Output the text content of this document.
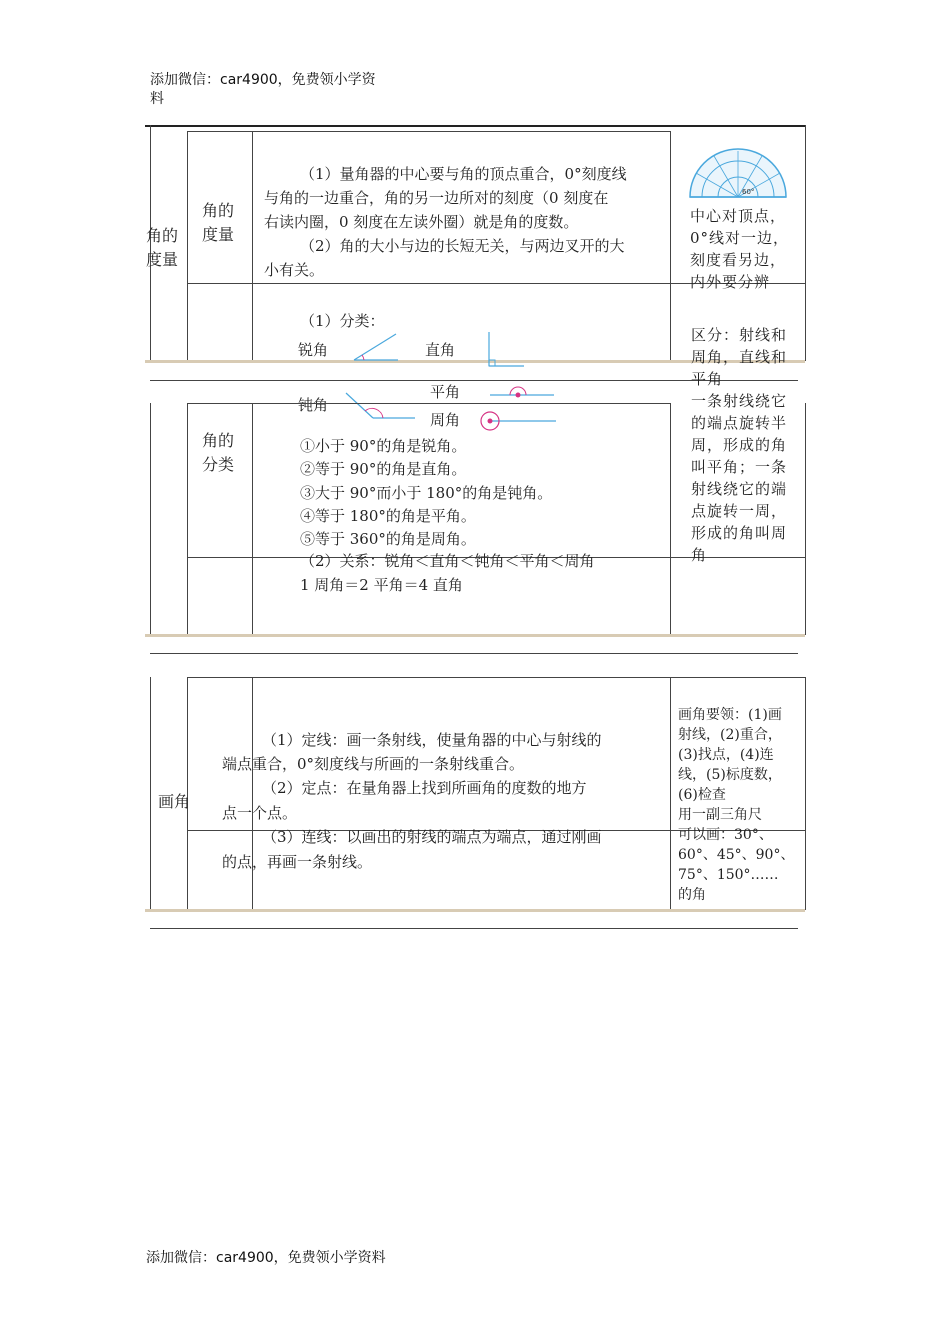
添加微信：car4900，免费领小学资
料
角的
度量
角的
度量
（1）量角器的中心要与角的顶点重合，0°刻度线
与角的一边重合，角的另一边所对的刻度（0 刻度在
右读内圈，0 刻度在左读外圈）就是角的度数。
（2）角的大小与边的长短无关，与两边叉开的大
小有关。
60°
中心对顶点，
0°线对一边，
刻度看另边，
内外要分辨
（1）分类：
锐角	直角
平角
钝角
周角
角的
分类
①小于 90°的角是锐角。
②等于 90°的角是直角。
③大于 90°而小于 180°的角是钝角。
④等于 180°的角是平角。
⑤等于 360°的角是周角。
（2）关系：锐角＜直角＜钝角＜平角＜周角
1 周角＝2 平角＝4 直角
区分：射线和
周角，直线和
平角
一条射线绕它
的端点旋转半
周，形成的角
叫平角；一条
射线绕它的端
点旋转一周，
形成的角叫周
角
画角
（1）定线：画一条射线，使量角器的中心与射线的
端点重合，0°刻度线与所画的一条射线重合。
（2）定点：在量角器上找到所画角的度数的地方
点一个点。
（3）连线：以画出的射线的端点为端点，通过刚画
的点，再画一条射线。
画角要领：(1)画
射线，(2)重合，
(3)找点，(4)连
线，(5)标度数，
(6)检查
用一副三角尺
可以画：30°、
60°、45°、90°、
75°、150°……
的角
添加微信：car4900，免费领小学资料
